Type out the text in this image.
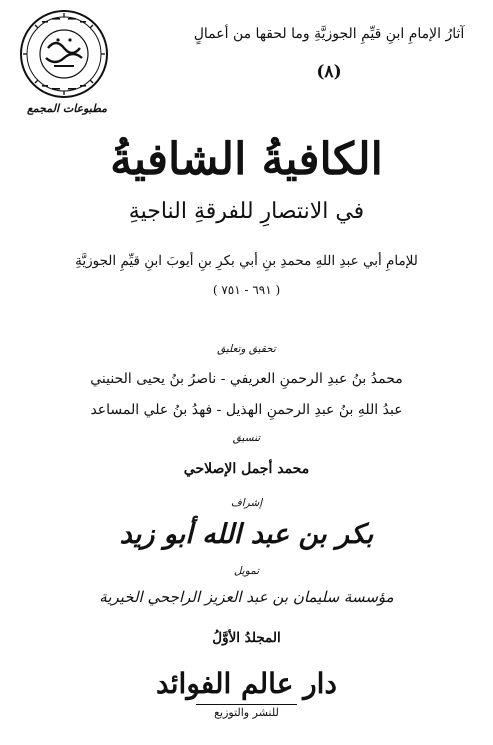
آثارُ الإمامِ ابنِ قيِّمِ الجوزيَّةِ وما لحقها من أعمالٍ
(٨)
مطبوعات المجمع
الكافيةُ الشافيةُ
في الانتصارِ للفرقةِ الناجيةِ
للإمامِ أبي عبدِ اللهِ محمدِ بنِ أبي بكرِ بنِ أيوبَ ابنِ قيِّمِ الجوزيَّةِ
( ٦٩١ - ٧٥١ )
تحقيق وتعليق
محمدُ بنُ عبدِ الرحمنِ العريفي - ناصرُ بنُ يحيى الحنيني
عبدُ اللهِ بنُ عبدِ الرحمنِ الهذيل - فهدُ بنُ علي المساعد
تنسيق
محمد أجمل الإصلاحي
إشراف
بكر بن عبد الله أبو زيد
تمويل
مؤسسة سليمان بن عبد العزيز الراجحي الخيرية
المجلدُ الأوَّلُ
دار عالم الفوائد
للنشر والتوزيع
